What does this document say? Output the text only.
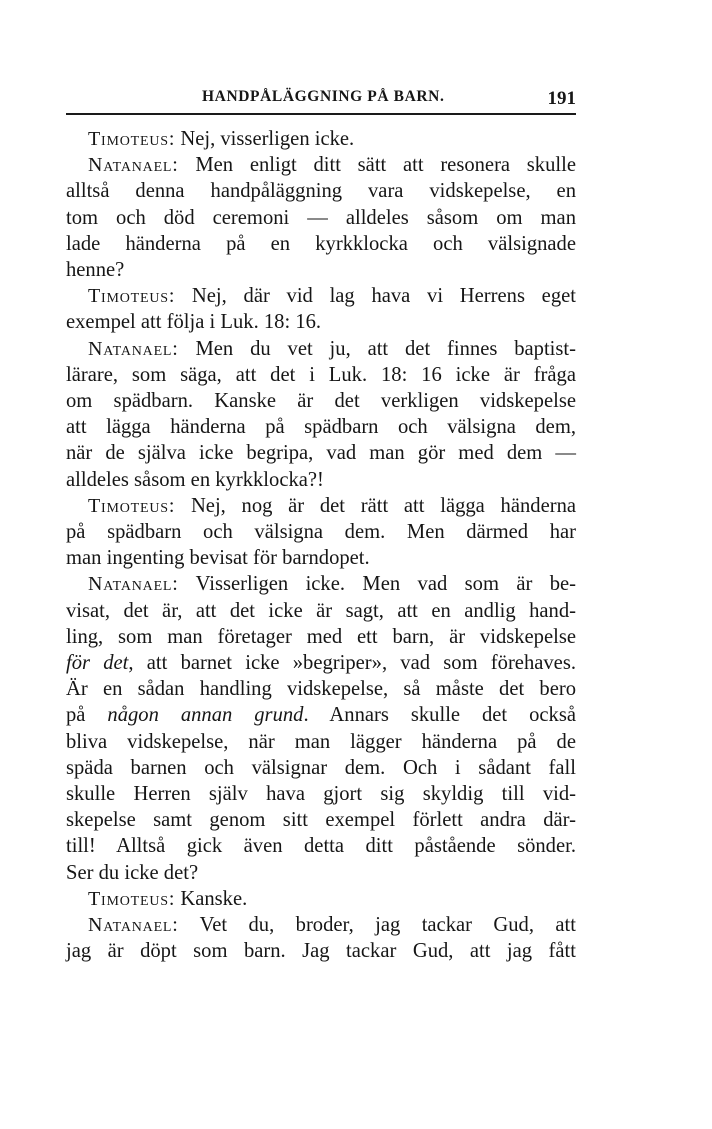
HANDPÅLÄGGNING PÅ BARN.	191
Timoteus: Nej, visserligen icke.
Natanael: Men enligt ditt sätt att resonera skulle
alltså denna handpåläggning vara vidskepelse, en
tom och död ceremoni — alldeles såsom om man
lade händerna på en kyrkklocka och välsignade
henne?
Timoteus: Nej, där vid lag hava vi Herrens eget
exempel att följa i Luk. 18: 16.
Natanael: Men du vet ju, att det finnes baptist-
lärare, som säga, att det i Luk. 18: 16 icke är fråga
om spädbarn. Kanske är det verkligen vidskepelse
att lägga händerna på spädbarn och välsigna dem,
när de själva icke begripa, vad man gör med dem —
alldeles såsom en kyrkklocka?!
Timoteus: Nej, nog är det rätt att lägga händerna
på spädbarn och välsigna dem. Men därmed har
man ingenting bevisat för barndopet.
Natanael: Visserligen icke. Men vad som är be-
visat, det är, att det icke är sagt, att en andlig hand-
ling, som man företager med ett barn, är vidskepelse
för det, att barnet icke »begriper», vad som förehaves.
Är en sådan handling vidskepelse, så måste det bero
på någon annan grund. Annars skulle det också
bliva vidskepelse, när man lägger händerna på de
späda barnen och välsignar dem. Och i sådant fall
skulle Herren själv hava gjort sig skyldig till vid-
skepelse samt genom sitt exempel förlett andra där-
till! Alltså gick även detta ditt påstående sönder.
Ser du icke det?
Timoteus: Kanske.
Natanael: Vet du, broder, jag tackar Gud, att
jag är döpt som barn. Jag tackar Gud, att jag fått
